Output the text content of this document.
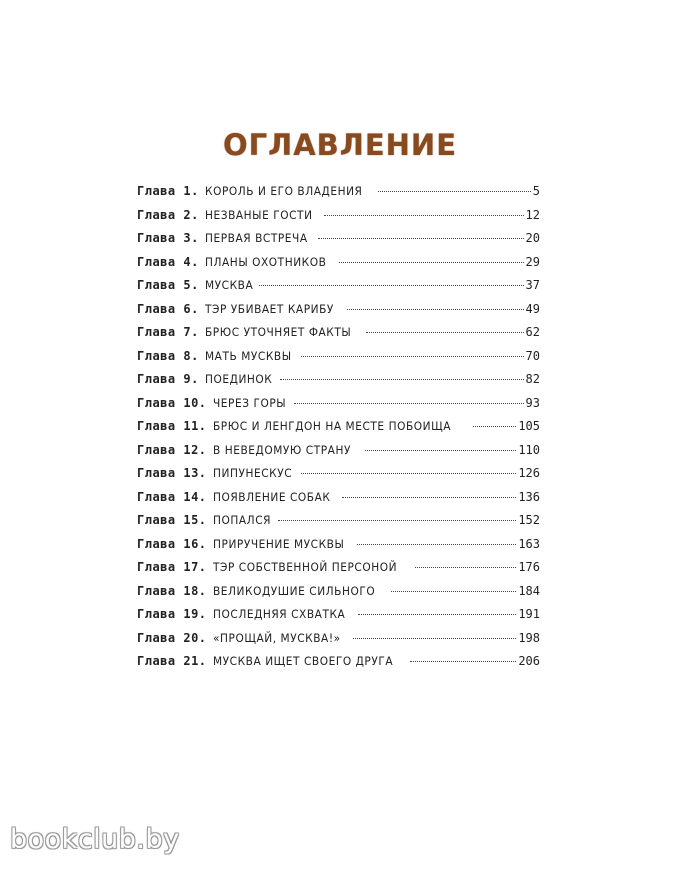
ОГЛАВЛЕНИЕ
Глава 1. КОРОЛЬ И ЕГО ВЛАДЕНИЯ	5
Глава 2. НЕЗВАНЫЕ ГОСТИ	12
Глава 3. ПЕРВАЯ ВСТРЕЧА	20
Глава 4. ПЛАНЫ ОХОТНИКОВ	29
Глава 5. МУСКВА	37
Глава 6. ТЭР УБИВАЕТ КАРИБУ	49
Глава 7. БРЮС УТОЧНЯЕТ ФАКТЫ	62
Глава 8. МАТЬ МУСКВЫ	70
Глава 9. ПОЕДИНОК	82
Глава 10. ЧЕРЕЗ ГОРЫ	93
Глава 11. БРЮС И ЛЕНГДОН НА МЕСТЕ ПОБОИЩА	105
Глава 12. В НЕВЕДОМУЮ СТРАНУ	110
Глава 13. ПИПУНЕСКУС	126
Глава 14. ПОЯВЛЕНИЕ СОБАК	136
Глава 15. ПОПАЛСЯ	152
Глава 16. ПРИРУЧЕНИЕ МУСКВЫ	163
Глава 17. ТЭР СОБСТВЕННОЙ ПЕРСОНОЙ	176
Глава 18. ВЕЛИКОДУШИЕ СИЛЬНОГО	184
Глава 19. ПОСЛЕДНЯЯ СХВАТКА	191
Глава 20. «ПРОЩАЙ, МУСКВА!»	198
Глава 21. МУСКВА ИЩЕТ СВОЕГО ДРУГА	206
bookclub.by
